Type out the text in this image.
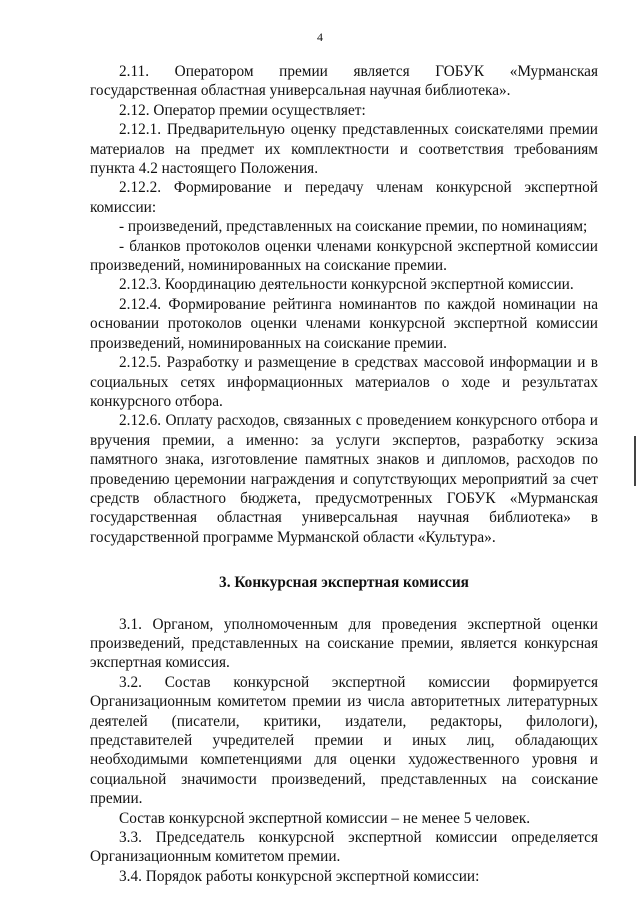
4

2.11. Оператором премии является ГОБУК «Мурманская государственная областная универсальная научная библиотека».

2.12. Оператор премии осуществляет:

2.12.1. Предварительную оценку представленных соискателями премии материалов на предмет их комплектности и соответствия требованиям пункта 4.2 настоящего Положения.

2.12.2. Формирование и передачу членам конкурсной экспертной комиссии:

- произведений, представленных на соискание премии, по номинациям;

- бланков протоколов оценки членами конкурсной экспертной комиссии произведений, номинированных на соискание премии.

2.12.3. Координацию деятельности конкурсной экспертной комиссии.

2.12.4. Формирование рейтинга номинантов по каждой номинации на основании протоколов оценки членами конкурсной экспертной комиссии произведений, номинированных на соискание премии.

2.12.5. Разработку и размещение в средствах массовой информации и в социальных сетях информационных материалов о ходе и результатах конкурсного отбора.

2.12.6. Оплату расходов, связанных с проведением конкурсного отбора и вручения премии, а именно: за услуги экспертов, разработку эскиза памятного знака, изготовление памятных знаков и дипломов, расходов по проведению церемонии награждения и сопутствующих мероприятий за счет средств областного бюджета, предусмотренных ГОБУК «Мурманская государственная областная универсальная научная библиотека» в государственной программе Мурманской области «Культура».

3. Конкурсная экспертная комиссия

3.1. Органом, уполномоченным для проведения экспертной оценки произведений, представленных на соискание премии, является конкурсная экспертная комиссия.

3.2. Состав конкурсной экспертной комиссии формируется Организационным комитетом премии из числа авторитетных литературных деятелей (писатели, критики, издатели, редакторы, филологи), представителей учредителей премии и иных лиц, обладающих необходимыми компетенциями для оценки художественного уровня и социальной значимости произведений, представленных на соискание премии.

Состав конкурсной экспертной комиссии – не менее 5 человек.

3.3. Председатель конкурсной экспертной комиссии определяется Организационным комитетом премии.

3.4. Порядок работы конкурсной экспертной комиссии:
